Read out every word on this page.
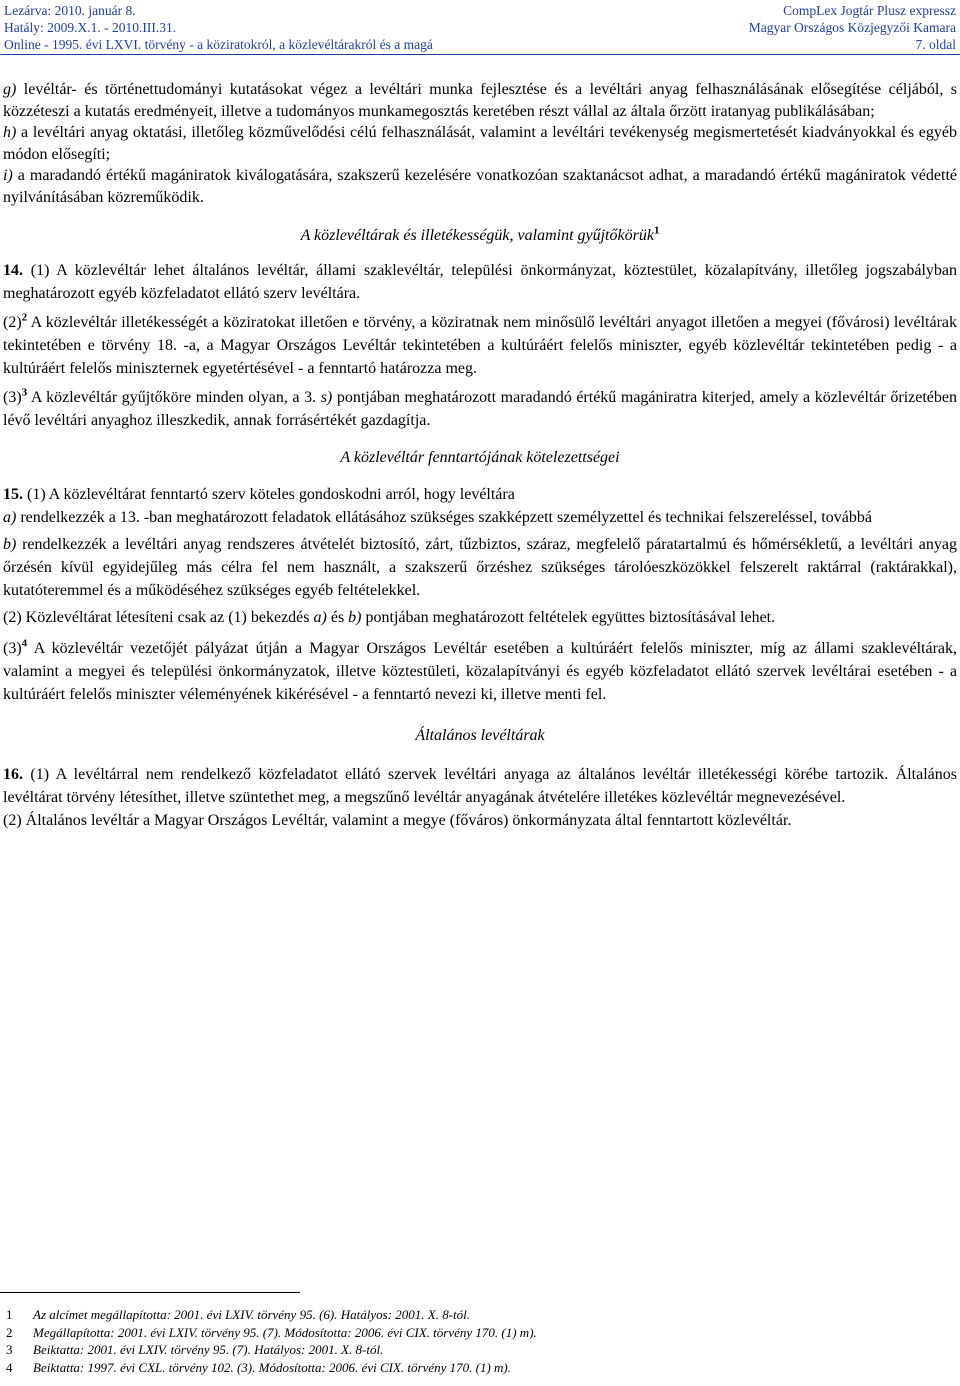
Lezárva: 2010. január 8.	CompLex Jogtár Plusz expressz
Hatály: 2009.X.1. - 2010.III.31.	Magyar Országos Közjegyzői Kamara
Online - 1995. évi LXVI. törvény - a köziratokról, a közlevéltárakról és a magá	7. oldal

g) levéltár- és történettudományi kutatásokat végez a levéltári munka fejlesztése és a levéltári anyag felhasználásának elősegítése céljából, s közzéteszi a kutatás eredményeit, illetve a tudományos munkamegosztás keretében részt vállal az általa őrzött iratanyag publikálásában;

h) a levéltári anyag oktatási, illetőleg közművelődési célú felhasználását, valamint a levéltári tevékenység megismertetését kiadványokkal és egyéb módon elősegíti;

i) a maradandó értékű magániratok kiválogatására, szakszerű kezelésére vonatkozóan szaktanácsot adhat, a maradandó értékű magániratok védetté nyilvánításában közreműködik.

A közlevéltárak és illetékességük, valamint gyűjtőkörük$^1$

14. (1) A közlevéltár lehet általános levéltár, állami szaklevéltár, települési önkormányzat, köztestület, közalapítvány, illetőleg jogszabályban meghatározott egyéb közfeladatot ellátó szerv levéltára.

$(2)^2$ A közlevéltár illetékességét a köziratokat illetően e törvény, a köziratnak nem minősülő levéltári anyagot illetően a megyei (fővárosi) levéltárak tekintetében e törvény 18. -a, a Magyar Országos Levéltár tekintetében a kultúráért felelős miniszter, egyéb közlevéltár tekintetében pedig - a kultúráért felelős miniszternek egyetértésével - a fenntartó határozza meg.

$(3)^3$ A közlevéltár gyűjtőköre minden olyan, a 3. s) pontjában meghatározott maradandó értékű magániratra kiterjed, amely a közlevéltár őrizetében lévő levéltári anyaghoz illeszkedik, annak forrásértékét gazdagítja.

A közlevéltár fenntartójának kötelezettségei

15. (1) A közlevéltárat fenntartó szerv köteles gondoskodni arról, hogy levéltára

a) rendelkezzék a 13. -ban meghatározott feladatok ellátásához szükséges szakképzett személyzettel és technikai felszereléssel, továbbá

b) rendelkezzék a levéltári anyag rendszeres átvételét biztosító, zárt, tűzbiztos, száraz, megfelelő páratartalmú és hőmérsékletű, a levéltári anyag őrzésén kívül egyidejűleg más célra fel nem használt, a szakszerű őrzéshez szükséges tárolóeszközökkel felszerelt raktárral (raktárakkal), kutatóteremmel és a működéséhez szükséges egyéb feltételekkel.

(2) Közlevéltárat létesíteni csak az (1) bekezdés a) és b) pontjában meghatározott feltételek együttes biztosításával lehet.

$(3)^4$ A közlevéltár vezetőjét pályázat útján a Magyar Országos Levéltár esetében a kultúráért felelős miniszter, míg az állami szaklevéltárak, valamint a megyei és települési önkormányzatok, illetve köztestületi, közalapítványi és egyéb közfeladatot ellátó szervek levéltárai esetében - a kultúráért felelős miniszter véleményének kikérésével - a fenntartó nevezi ki, illetve menti fel.

Általános levéltárak

16. (1) A levéltárral nem rendelkező közfeladatot ellátó szervek levéltári anyaga az általános levéltár illetékességi körébe tartozik. Általános levéltárat törvény létesíthet, illetve szüntethet meg, a megszűnő levéltár anyagának átvételére illetékes közlevéltár megnevezésével.

(2) Általános levéltár a Magyar Országos Levéltár, valamint a megye (főváros) önkormányzata által fenntartott közlevéltár.

1 Az alcímet megállapította: 2001. évi LXIV. törvény 95. (6). Hatályos: 2001. X. 8-tól.
2 Megállapította: 2001. évi LXIV. törvény 95. (7). Módosította: 2006. évi CIX. törvény 170. (1) m).
3 Beiktatta: 2001. évi LXIV. törvény 95. (7). Hatályos: 2001. X. 8-tól.
4 Beiktatta: 1997. évi CXL. törvény 102. (3). Módosította: 2006. évi CIX. törvény 170. (1) m).
